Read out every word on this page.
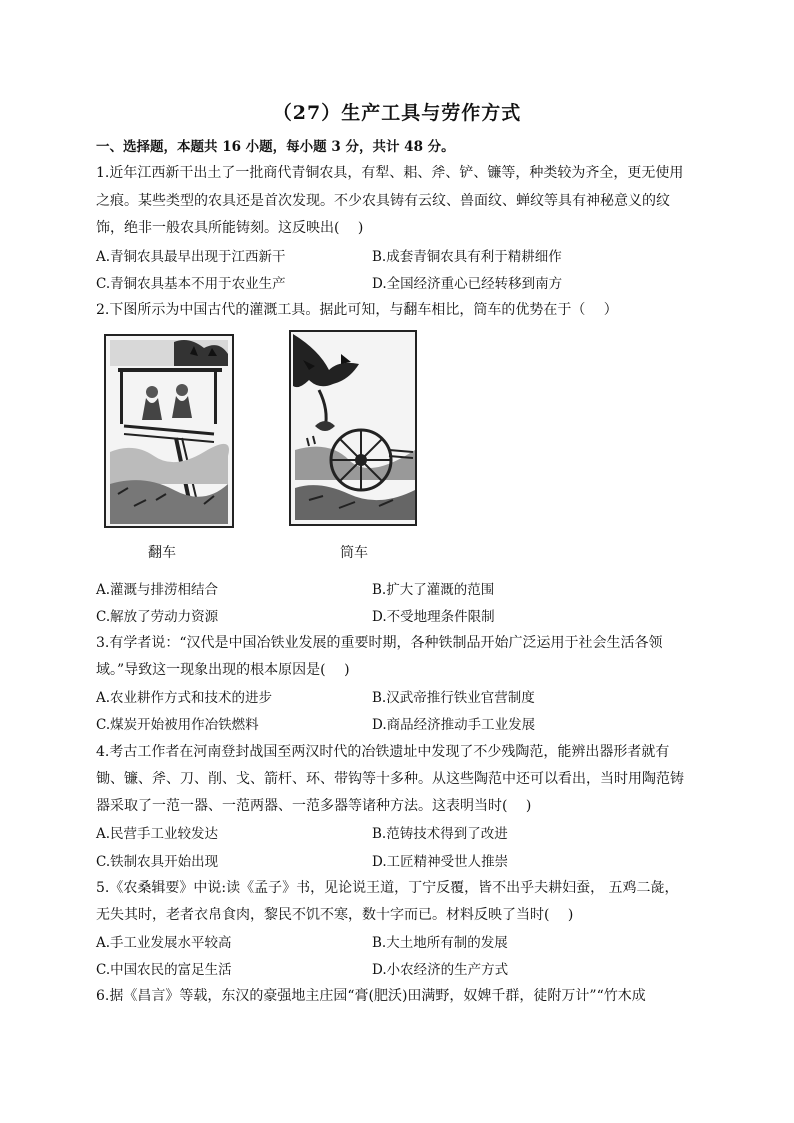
（27）生产工具与劳作方式
一、选择题，本题共 16 小题，每小题 3 分，共计 48 分。
1.近年江西新干出土了一批商代青铜农具，有犁、耜、斧、铲、镰等，种类较为齐全，更无使用
之痕。某些类型的农具还是首次发现。不少农具铸有云纹、兽面纹、蝉纹等具有神秘意义的纹
饰，绝非一般农具所能铸刻。这反映出(　 )
A.青铜农具最早出现于江西新干	B.成套青铜农具有利于精耕细作
C.青铜农具基本不用于农业生产	D.全国经济重心已经转移到南方
2.下图所示为中国古代的灌溉工具。据此可知，与翻车相比，筒车的优势在于（　 ）
翻车	筒车
A.灌溉与排涝相结合	B.扩大了灌溉的范围
C.解放了劳动力资源	D.不受地理条件限制
3.有学者说：“汉代是中国冶铁业发展的重要时期，各种铁制品开始广泛运用于社会生活各领
域。”导致这一现象出现的根本原因是(　 )
A.农业耕作方式和技术的进步	B.汉武帝推行铁业官营制度
C.煤炭开始被用作冶铁燃料	D.商品经济推动手工业发展
4.考古工作者在河南登封战国至两汉时代的冶铁遗址中发现了不少残陶范，能辨出器形者就有
锄、镰、斧、刀、削、戈、箭杆、环、带钩等十多种。从这些陶范中还可以看出，当时用陶范铸
器采取了一范一器、一范两器、一范多器等诸种方法。这表明当时(　 )
A.民营手工业较发达	B.范铸技术得到了改进
C.铁制农具开始出现	D.工匠精神受世人推崇
5.《农桑辑要》中说:读《孟子》书，见论说王道，丁宁反覆，皆不出乎夫耕妇蚕， 五鸡二彘，
无失其时，老者衣帛食肉，黎民不饥不寒，数十字而已。材料反映了当时(　 )
A.手工业发展水平较高	B.大土地所有制的发展
C.中国农民的富足生活	D.小农经济的生产方式
6.据《昌言》等载，东汉的豪强地主庄园“膏(肥沃)田满野，奴婢千群，徒附万计”“竹木成
